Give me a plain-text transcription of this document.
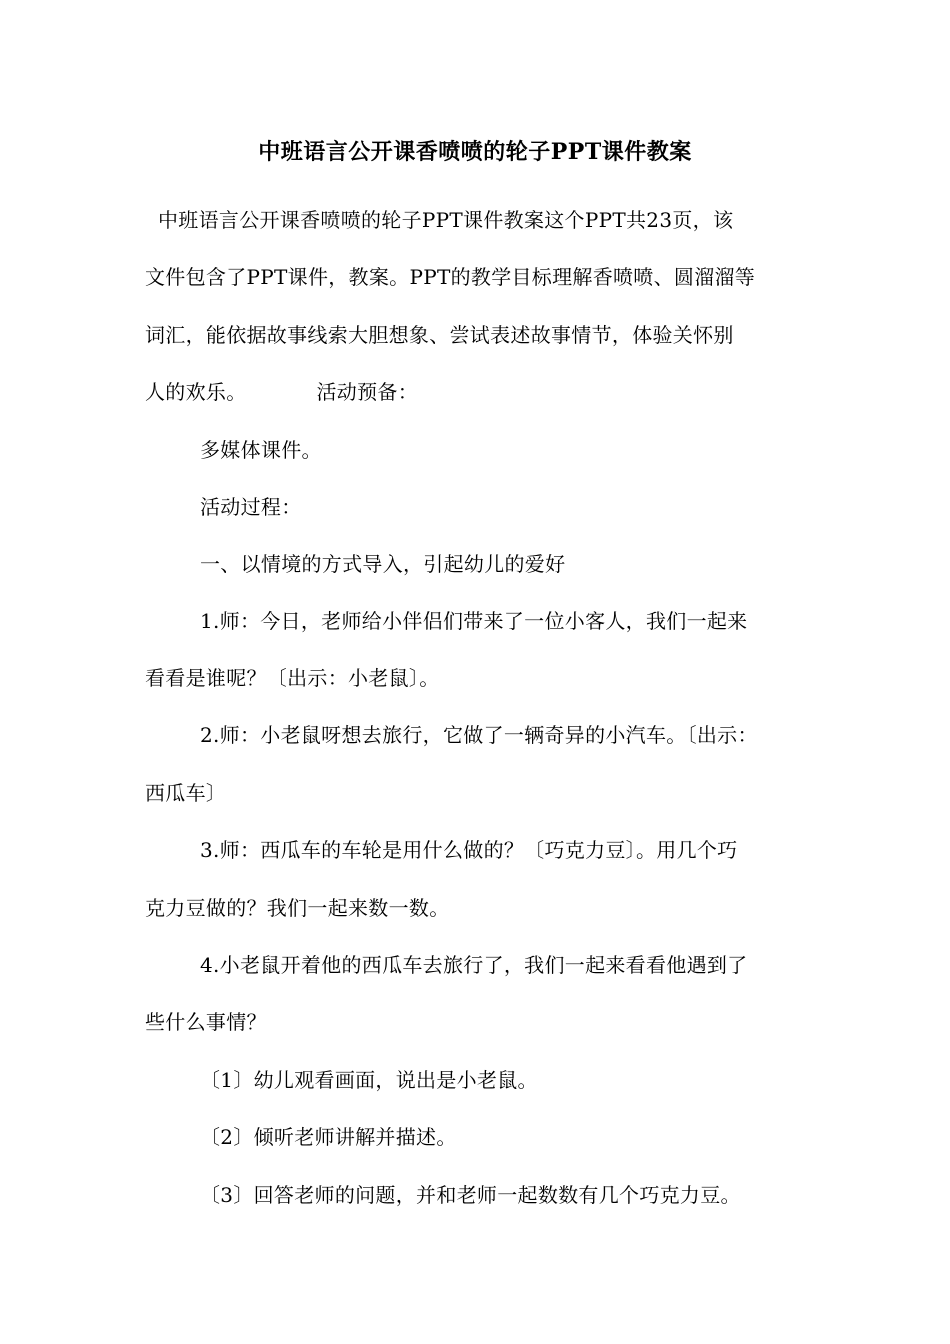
中班语言公开课香喷喷的轮子PPT课件教案
中班语言公开课香喷喷的轮子PPT课件教案这个PPT共23页，该
文件包含了PPT课件，教案。PPT的教学目标理解香喷喷、圆溜溜等
词汇，能依据故事线索大胆想象、尝试表述故事情节，体验关怀别
人的欢乐。	活动预备：
多媒体课件。
活动过程：
一、以情境的方式导入，引起幼儿的爱好
1.师：今日，老师给小伴侣们带来了一位小客人，我们一起来
看看是谁呢？〔出示：小老鼠〕。
2.师：小老鼠呀想去旅行，它做了一辆奇异的小汽车。〔出示：
西瓜车〕
3.师：西瓜车的车轮是用什么做的？〔巧克力豆〕。用几个巧
克力豆做的？我们一起来数一数。
4.小老鼠开着他的西瓜车去旅行了，我们一起来看看他遇到了
些什么事情？
〔1〕幼儿观看画面，说出是小老鼠。
〔2〕倾听老师讲解并描述。
〔3〕回答老师的问题，并和老师一起数数有几个巧克力豆。
